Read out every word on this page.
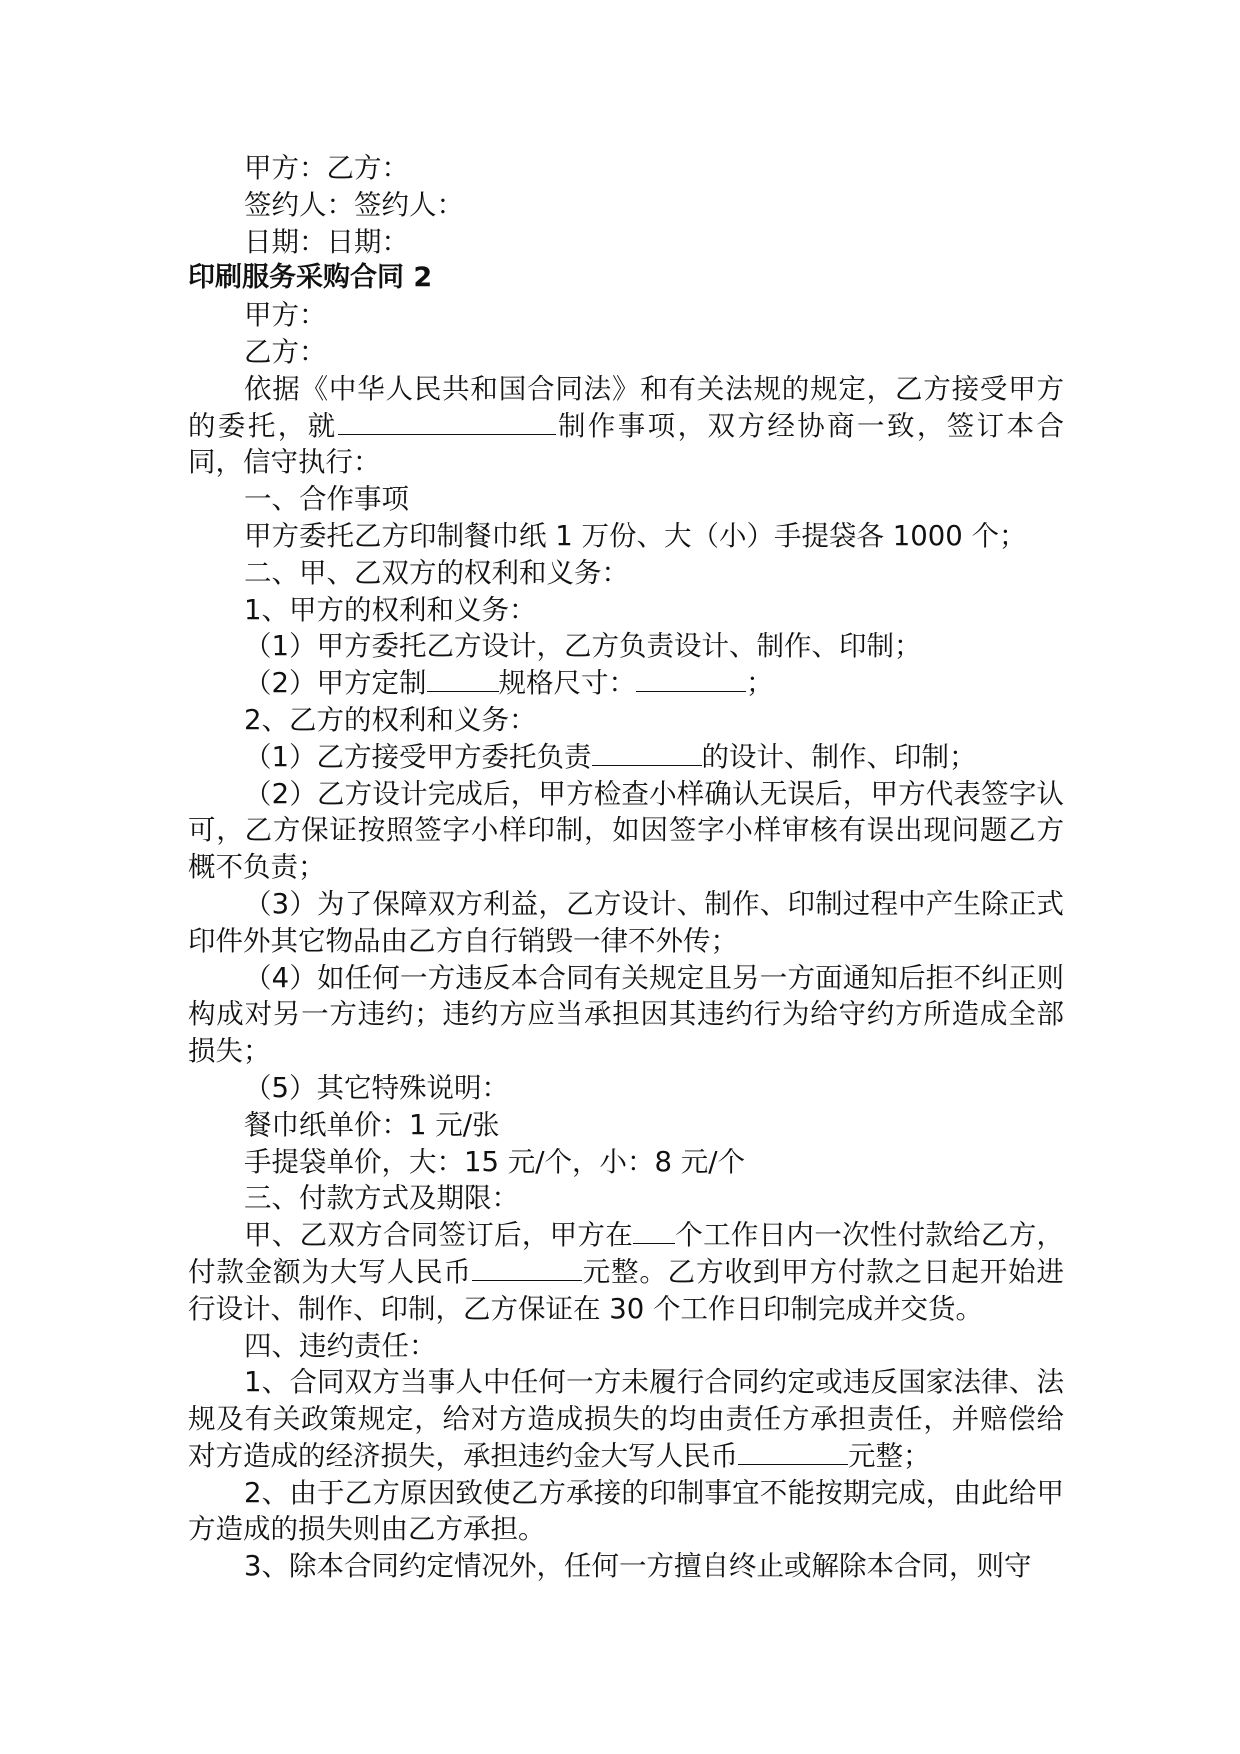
甲方：乙方：

签约人：签约人：

日期：日期：

印刷服务采购合同 2

甲方：

乙方：

依据《中华人民共和国合同法》和有关法规的规定，乙方接受甲方的委托，就	制作事项，双方经协商一致，签订本合同，信守执行：

一、合作事项

甲方委托乙方印制餐巾纸 1 万份、大（小）手提袋各 1000 个；

二、甲、乙双方的权利和义务：

1、甲方的权利和义务：

（1）甲方委托乙方设计，乙方负责设计、制作、印制；

（2）甲方定制	规格尺寸：	；

2、乙方的权利和义务：

（1）乙方接受甲方委托负责	的设计、制作、印制；

（2）乙方设计完成后，甲方检查小样确认无误后，甲方代表签字认可，乙方保证按照签字小样印制，如因签字小样审核有误出现问题乙方概不负责；

（3）为了保障双方利益，乙方设计、制作、印制过程中产生除正式印件外其它物品由乙方自行销毁一律不外传；

（4）如任何一方违反本合同有关规定且另一方面通知后拒不纠正则构成对另一方违约；违约方应当承担因其违约行为给守约方所造成全部损失；

（5）其它特殊说明：

餐巾纸单价：1 元/张

手提袋单价，大：15 元/个，小：8 元/个

三、付款方式及期限：

甲、乙双方合同签订后，甲方在 个工作日内一次性付款给乙方，付款金额为大写人民币	元整。乙方收到甲方付款之日起开始进行设计、制作、印制，乙方保证在 30 个工作日印制完成并交货。

四、违约责任：

1、合同双方当事人中任何一方未履行合同约定或违反国家法律、法规及有关政策规定，给对方造成损失的均由责任方承担责任，并赔偿给对方造成的经济损失，承担违约金大写人民币	元整；

2、由于乙方原因致使乙方承接的印制事宜不能按期完成，由此给甲方造成的损失则由乙方承担。

3、除本合同约定情况外，任何一方擅自终止或解除本合同，则守
